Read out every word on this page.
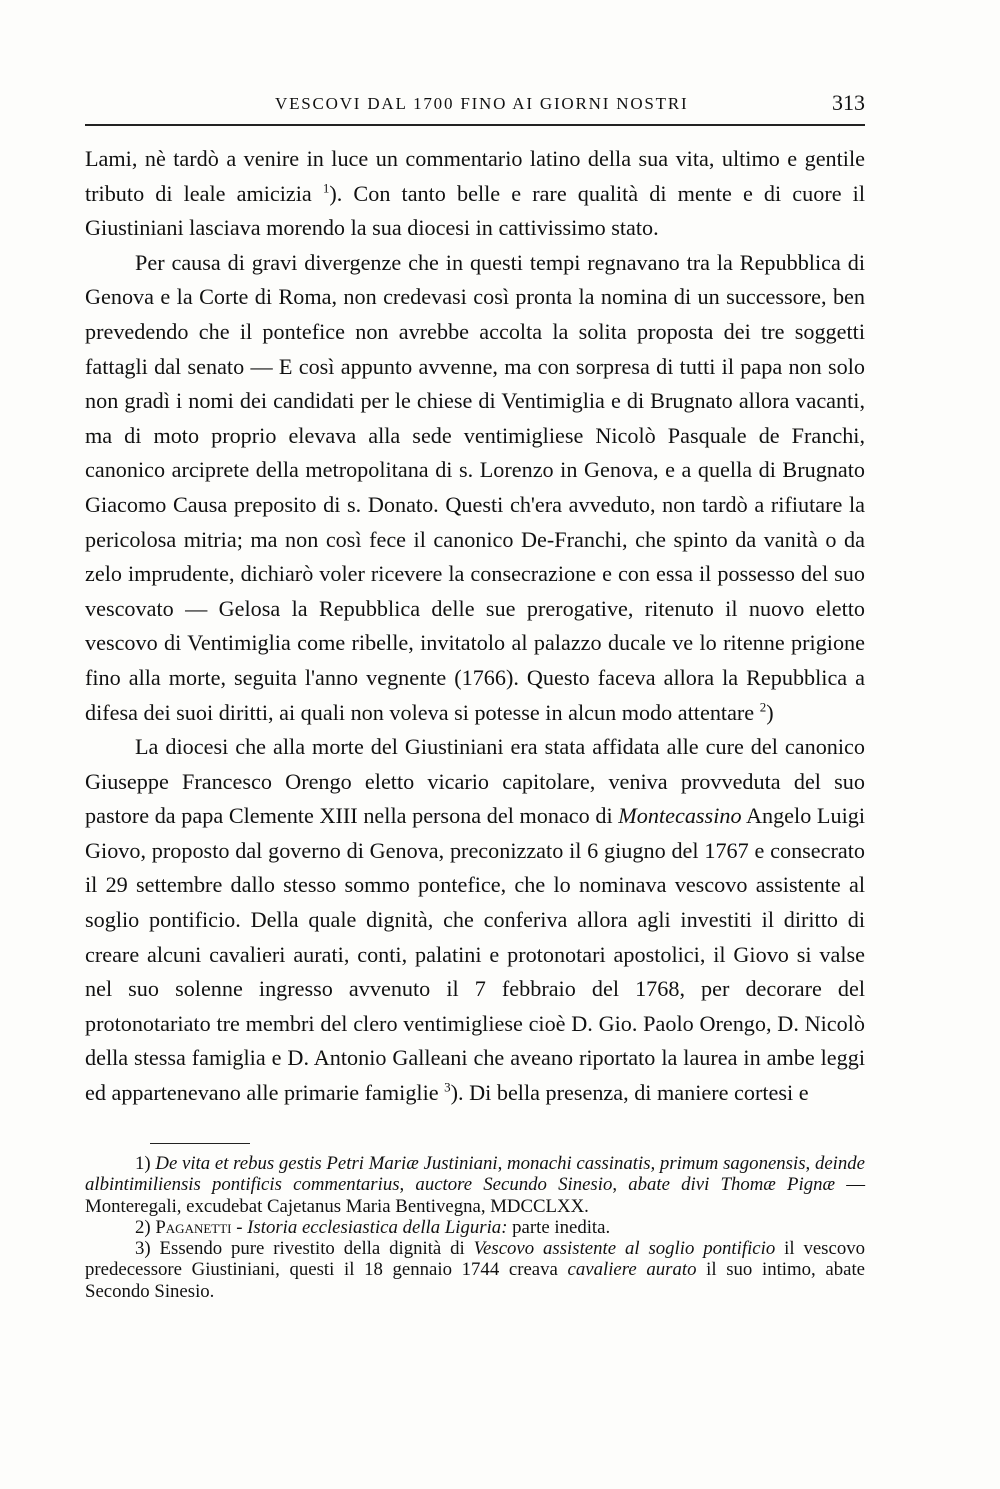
VESCOVI DAL 1700 FINO AI GIORNI NOSTRI	313

Lami, nè tardò a venire in luce un commentario latino della sua vita, ultimo e gentile tributo di leale amicizia $^1$). Con tanto belle e rare qualità di mente e di cuore il Giustiniani lasciava morendo la sua diocesi in cattivissimo stato.

Per causa di gravi divergenze che in questi tempi regnavano tra la Repubblica di Genova e la Corte di Roma, non credevasi così pronta la nomina di un successore, ben prevedendo che il pontefice non avrebbe accolta la solita proposta dei tre soggetti fattagli dal senato — E così appunto avvenne, ma con sorpresa di tutti il papa non solo non gradì i nomi dei candidati per le chiese di Ventimiglia e di Brugnato allora vacanti, ma di moto proprio elevava alla sede ventimigliese Nicolò Pasquale de Franchi, canonico arciprete della metropolitana di s. Lorenzo in Genova, e a quella di Brugnato Giacomo Causa preposito di s. Donato. Questi ch'era avveduto, non tardò a rifiutare la pericolosa mitria; ma non così fece il canonico De-Franchi, che spinto da vanità o da zelo imprudente, dichiarò voler ricevere la consecrazione e con essa il possesso del suo vescovato — Gelosa la Repubblica delle sue prerogative, ritenuto il nuovo eletto vescovo di Ventimiglia come ribelle, invitatolo al palazzo ducale ve lo ritenne prigione fino alla morte, seguita l'anno vegnente (1766). Questo faceva allora la Repubblica a difesa dei suoi diritti, ai quali non voleva si potesse in alcun modo attentare $^2$)

La diocesi che alla morte del Giustiniani era stata affidata alle cure del canonico Giuseppe Francesco Orengo eletto vicario capitolare, veniva provveduta del suo pastore da papa Clemente XIII nella persona del monaco di Montecassino Angelo Luigi Giovo, proposto dal governo di Genova, preconizzato il 6 giugno del 1767 e consecrato il 29 settembre dallo stesso sommo pontefice, che lo nominava vescovo assistente al soglio pontificio. Della quale dignità, che conferiva allora agli investiti il diritto di creare alcuni cavalieri aurati, conti, palatini e protonotari apostolici, il Giovo si valse nel suo solenne ingresso avvenuto il 7 febbraio del 1768, per decorare del protonotariato tre membri del clero ventimigliese cioè D. Gio. Paolo Orengo, D. Nicolò della stessa famiglia e D. Antonio Galleani che aveano riportato la laurea in ambe leggi ed appartenevano alle primarie famiglie $^3$). Di bella presenza, di maniere cortesi e

1) De vita et rebus gestis Petri Mariæ Justiniani, monachi cassinatis, primum sagonensis, deinde albintimiliensis pontificis commentarius, auctore Secundo Sinesio, abate divi Thomæ Pignæ — Monteregali, excudebat Cajetanus Maria Bentivegna, MDCCLXX.

2) Paganetti - Istoria ecclesiastica della Liguria: parte inedita.

3) Essendo pure rivestito della dignità di Vescovo assistente al soglio pontificio il vescovo predecessore Giustiniani, questi il 18 gennaio 1744 creava cavaliere aurato il suo intimo, abate Secondo Sinesio.
